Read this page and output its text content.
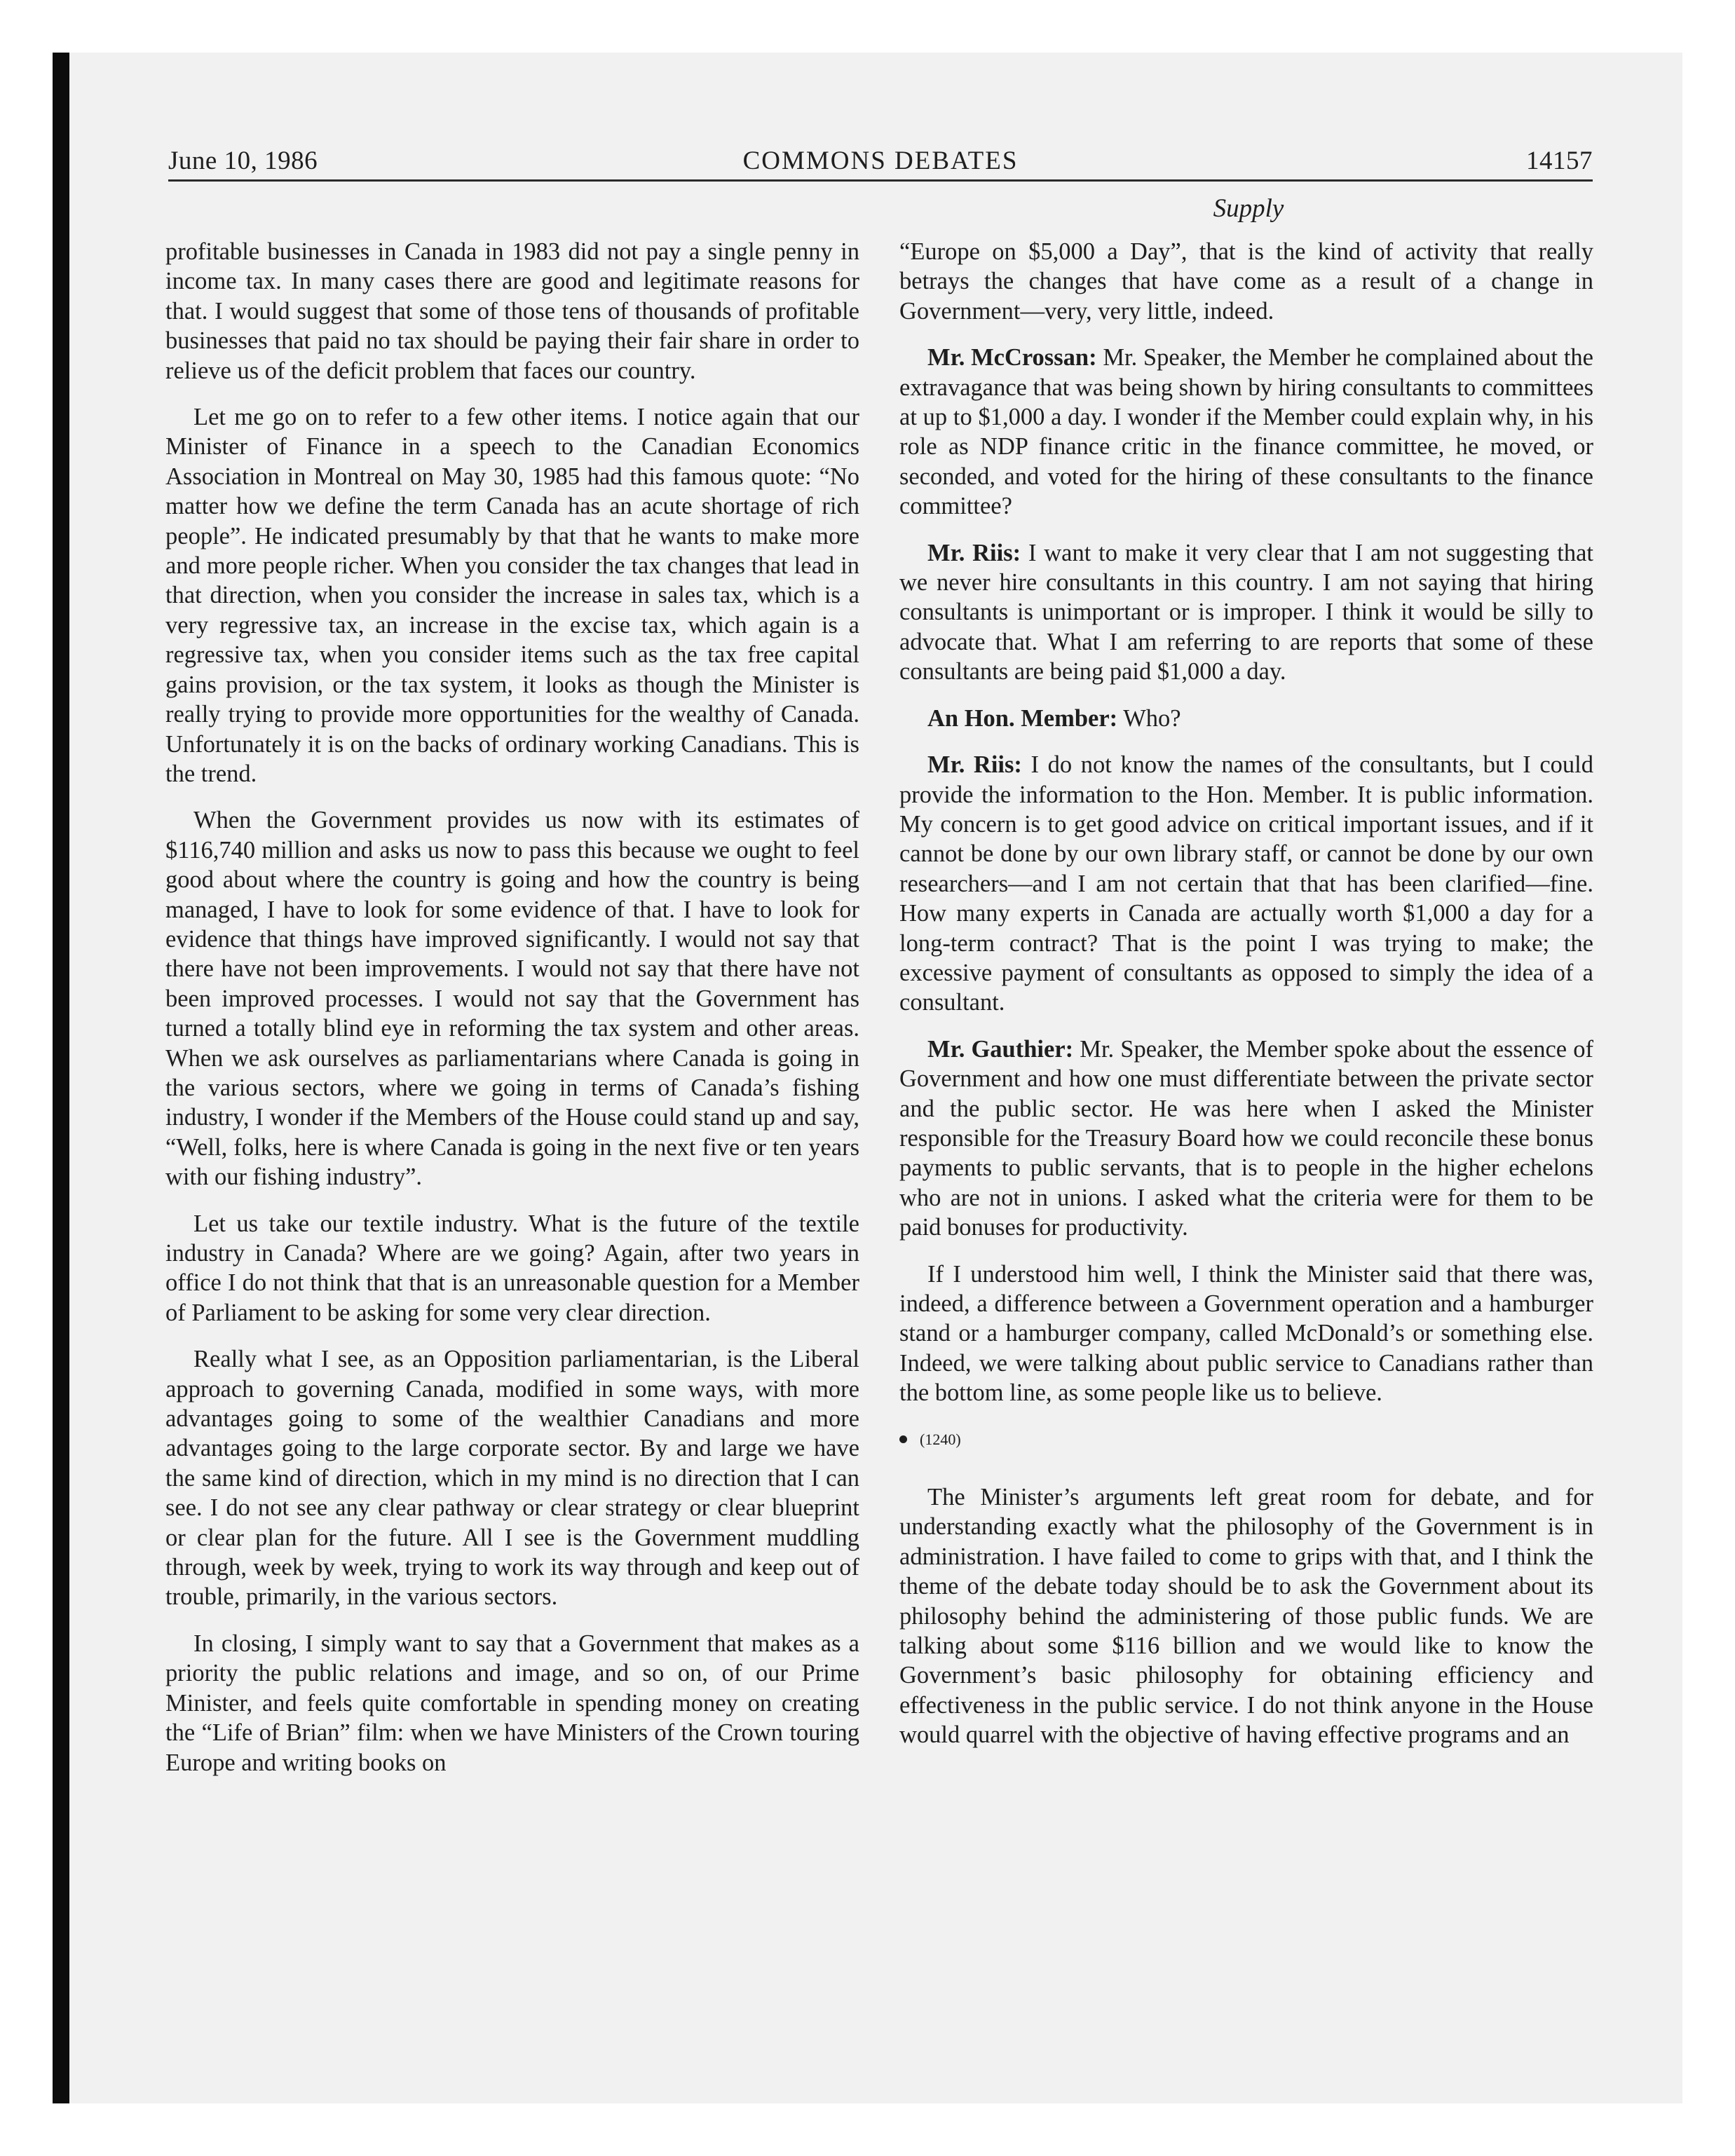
June 10, 1986	COMMONS DEBATES	14157
Supply

profitable businesses in Canada in 1983 did not pay a single penny in income tax. In many cases there are good and legitimate reasons for that. I would suggest that some of those tens of thousands of profitable businesses that paid no tax should be paying their fair share in order to relieve us of the deficit problem that faces our country.

Let me go on to refer to a few other items. I notice again that our Minister of Finance in a speech to the Canadian Economics Association in Montreal on May 30, 1985 had this famous quote: “No matter how we define the term Canada has an acute shortage of rich people”. He indicated presumably by that that he wants to make more and more people richer. When you consider the tax changes that lead in that direction, when you consider the increase in sales tax, which is a very regressive tax, an increase in the excise tax, which again is a regressive tax, when you consider items such as the tax free capital gains provision, or the tax system, it looks as though the Minister is really trying to provide more opportunities for the wealthy of Canada. Unfortunately it is on the backs of ordinary working Canadians. This is the trend.

When the Government provides us now with its estimates of $116,740 million and asks us now to pass this because we ought to feel good about where the country is going and how the country is being managed, I have to look for some evidence of that. I have to look for evidence that things have improved significantly. I would not say that there have not been improvements. I would not say that there have not been improved processes. I would not say that the Government has turned a totally blind eye in reforming the tax system and other areas. When we ask ourselves as parliamentarians where Canada is going in the various sectors, where we going in terms of Canada’s fishing industry, I wonder if the Members of the House could stand up and say, “Well, folks, here is where Canada is going in the next five or ten years with our fishing industry”.

Let us take our textile industry. What is the future of the textile industry in Canada? Where are we going? Again, after two years in office I do not think that that is an unreasonable question for a Member of Parliament to be asking for some very clear direction.

Really what I see, as an Opposition parliamentarian, is the Liberal approach to governing Canada, modified in some ways, with more advantages going to some of the wealthier Canadians and more advantages going to the large corporate sector. By and large we have the same kind of direction, which in my mind is no direction that I can see. I do not see any clear pathway or clear strategy or clear blueprint or clear plan for the future. All I see is the Government muddling through, week by week, trying to work its way through and keep out of trouble, primarily, in the various sectors.

In closing, I simply want to say that a Government that makes as a priority the public relations and image, and so on, of our Prime Minister, and feels quite comfortable in spending money on creating the “Life of Brian” film: when we have Ministers of the Crown touring Europe and writing books on

“Europe on $5,000 a Day”, that is the kind of activity that really betrays the changes that have come as a result of a change in Government—very, very little, indeed.

Mr. McCrossan: Mr. Speaker, the Member he complained about the extravagance that was being shown by hiring consultants to committees at up to $1,000 a day. I wonder if the Member could explain why, in his role as NDP finance critic in the finance committee, he moved, or seconded, and voted for the hiring of these consultants to the finance committee?

Mr. Riis: I want to make it very clear that I am not suggesting that we never hire consultants in this country. I am not saying that hiring consultants is unimportant or is improper. I think it would be silly to advocate that. What I am referring to are reports that some of these consultants are being paid $1,000 a day.

An Hon. Member: Who?

Mr. Riis: I do not know the names of the consultants, but I could provide the information to the Hon. Member. It is public information. My concern is to get good advice on critical important issues, and if it cannot be done by our own library staff, or cannot be done by our own researchers—and I am not certain that that has been clarified—fine. How many experts in Canada are actually worth $1,000 a day for a long-term contract? That is the point I was trying to make; the excessive payment of consultants as opposed to simply the idea of a consultant.

Mr. Gauthier: Mr. Speaker, the Member spoke about the essence of Government and how one must differentiate between the private sector and the public sector. He was here when I asked the Minister responsible for the Treasury Board how we could reconcile these bonus payments to public servants, that is to people in the higher echelons who are not in unions. I asked what the criteria were for them to be paid bonuses for productivity.

If I understood him well, I think the Minister said that there was, indeed, a difference between a Government operation and a hamburger stand or a hamburger company, called McDonald’s or something else. Indeed, we were talking about public service to Canadians rather than the bottom line, as some people like us to believe.

(1240)

The Minister’s arguments left great room for debate, and for understanding exactly what the philosophy of the Government is in administration. I have failed to come to grips with that, and I think the theme of the debate today should be to ask the Government about its philosophy behind the administering of those public funds. We are talking about some $116 billion and we would like to know the Government’s basic philosophy for obtaining efficiency and effectiveness in the public service. I do not think anyone in the House would quarrel with the objective of having effective programs and an
